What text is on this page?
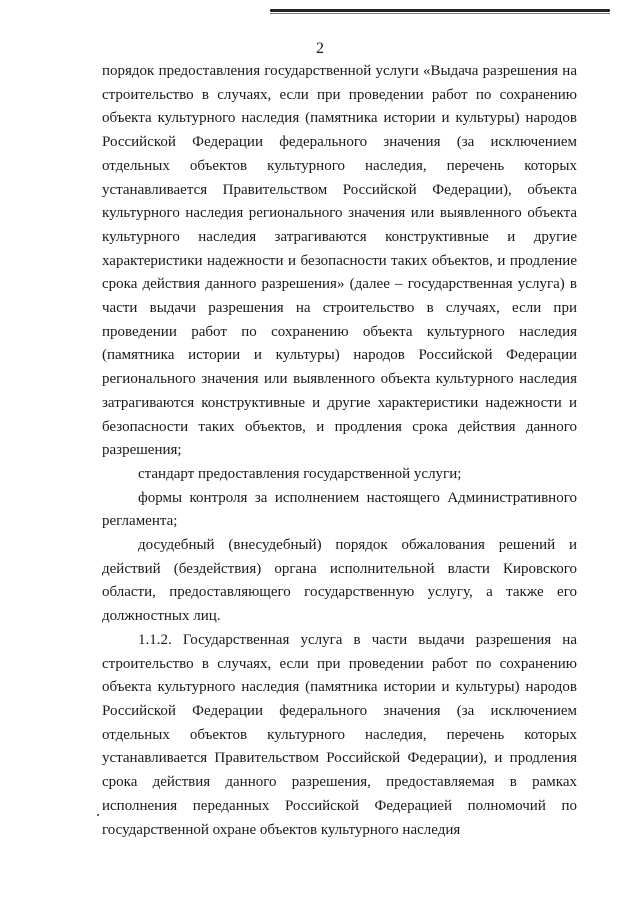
2

порядок предоставления государственной услуги «Выдача разрешения на строительство в случаях, если при проведении работ по сохранению объекта культурного наследия (памятника истории и культуры) народов Российской Федерации федерального значения (за исключением отдельных объектов культурного наследия, перечень которых устанавливается Правительством Российской Федерации), объекта культурного наследия регионального значения или выявленного объекта культурного наследия затрагиваются конструктивные и другие характеристики надежности и безопасности таких объектов, и продление срока действия данного разрешения» (далее – государственная услуга) в части выдачи разрешения на строительство в случаях, если при проведении работ по сохранению объекта культурного наследия (памятника истории и культуры) народов Российской Федерации регионального значения или выявленного объекта культурного наследия затрагиваются конструктивные и другие характеристики надежности и безопасности таких объектов, и продления срока действия данного разрешения;

стандарт предоставления государственной услуги;

формы контроля за исполнением настоящего Административного регламента;

досудебный (внесудебный) порядок обжалования решений и действий (бездействия) органа исполнительной власти Кировского области, предоставляющего государственную услугу, а также его должностных лиц.

1.1.2. Государственная услуга в части выдачи разрешения на строительство в случаях, если при проведении работ по сохранению объекта культурного наследия (памятника истории и культуры) народов Российской Федерации федерального значения (за исключением отдельных объектов культурного наследия, перечень которых устанавливается Правительством Российской Федерации), и продления срока действия данного разрешения, предоставляемая в рамках исполнения переданных Российской Федерацией полномочий по государственной охране объектов культурного наследия
